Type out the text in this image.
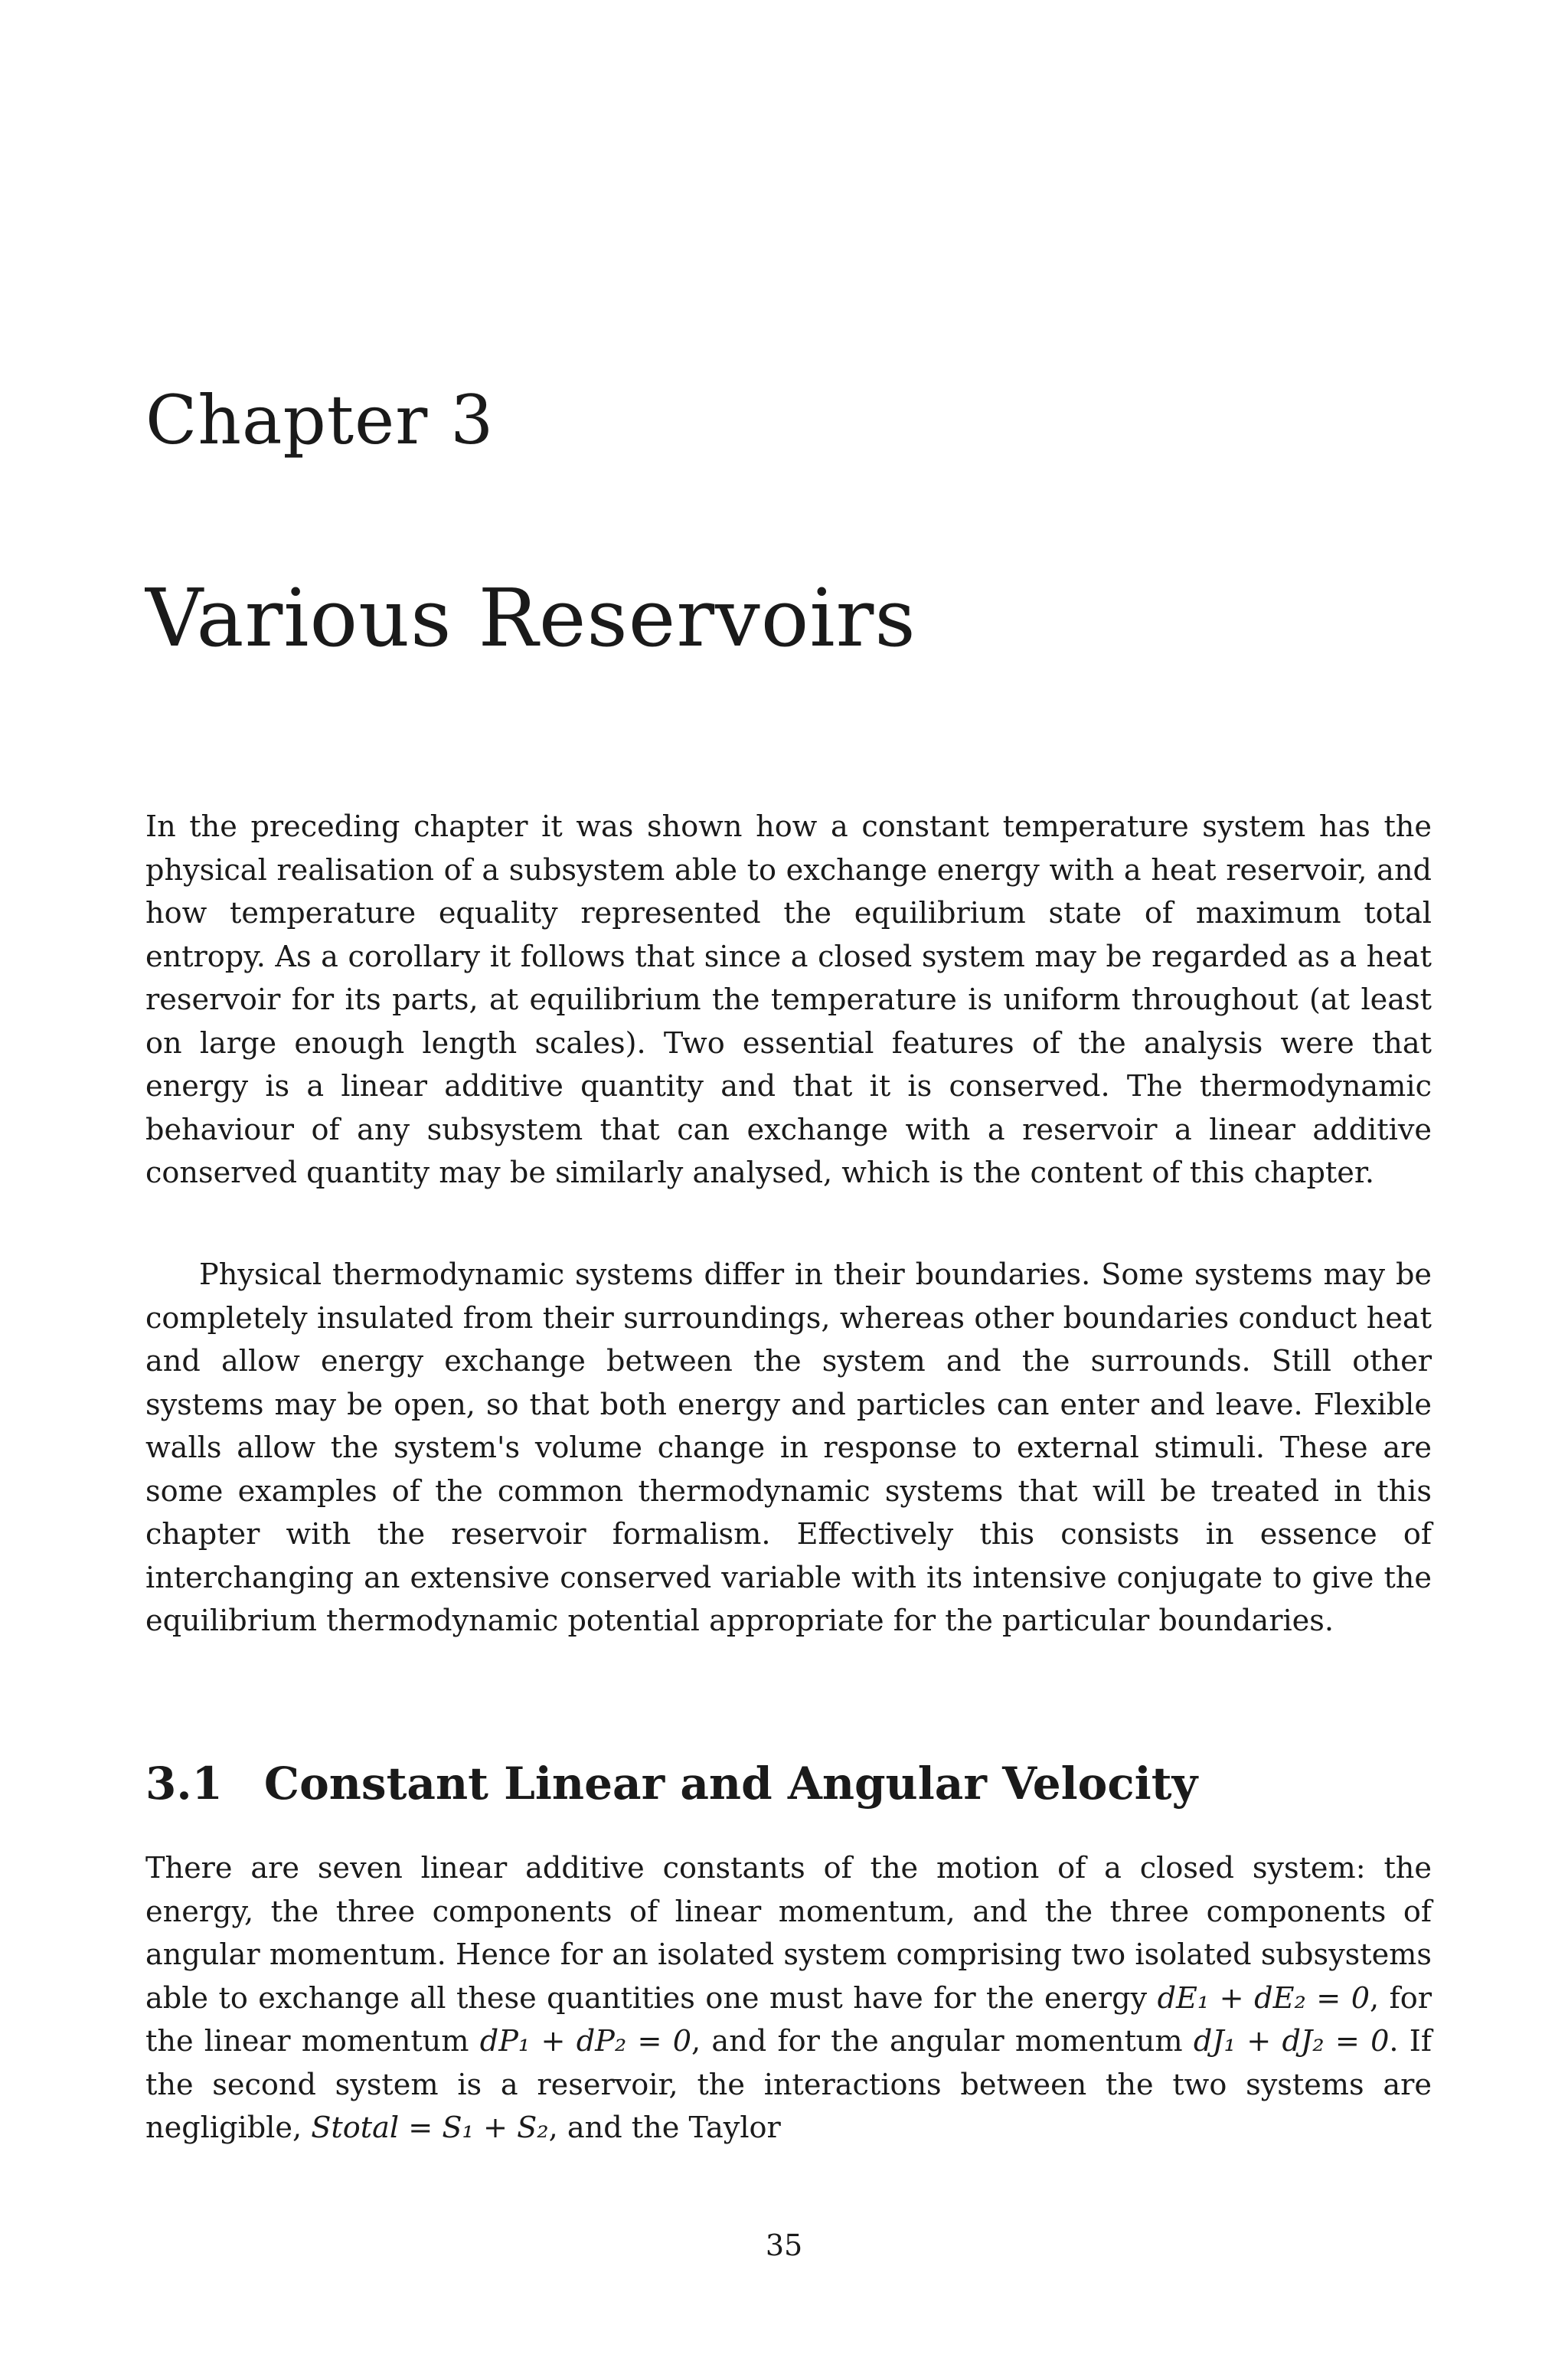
Chapter 3
Various Reservoirs

In the preceding chapter it was shown how a constant temperature system has the physical realisation of a subsystem able to exchange energy with a heat reservoir, and how temperature equality represented the equilibrium state of maximum total entropy. As a corollary it follows that since a closed system may be regarded as a heat reservoir for its parts, at equilibrium the temperature is uniform throughout (at least on large enough length scales). Two essential features of the analysis were that energy is a linear additive quantity and that it is conserved. The thermodynamic behaviour of any subsystem that can exchange with a reservoir a linear additive conserved quantity may be similarly analysed, which is the content of this chapter.

Physical thermodynamic systems differ in their boundaries. Some systems may be completely insulated from their surroundings, whereas other boundaries conduct heat and allow energy exchange between the system and the surrounds. Still other systems may be open, so that both energy and particles can enter and leave. Flexible walls allow the system's volume change in response to external stimuli. These are some examples of the common thermodynamic systems that will be treated in this chapter with the reservoir formalism. Effectively this consists in essence of interchanging an extensive conserved variable with its intensive conjugate to give the equilibrium thermodynamic potential appropriate for the particular boundaries.

3.1 Constant Linear and Angular Velocity

There are seven linear additive constants of the motion of a closed system: the energy, the three components of linear momentum, and the three components of angular momentum. Hence for an isolated system comprising two isolated subsystems able to exchange all these quantities one must have for the energy dE₁ + dE₂ = 0, for the linear momentum dP₁ + dP₂ = 0, and for the angular momentum dJ₁ + dJ₂ = 0. If the second system is a reservoir, the interactions between the two systems are negligible, Stotal = S₁ + S₂, and the Taylor

35
